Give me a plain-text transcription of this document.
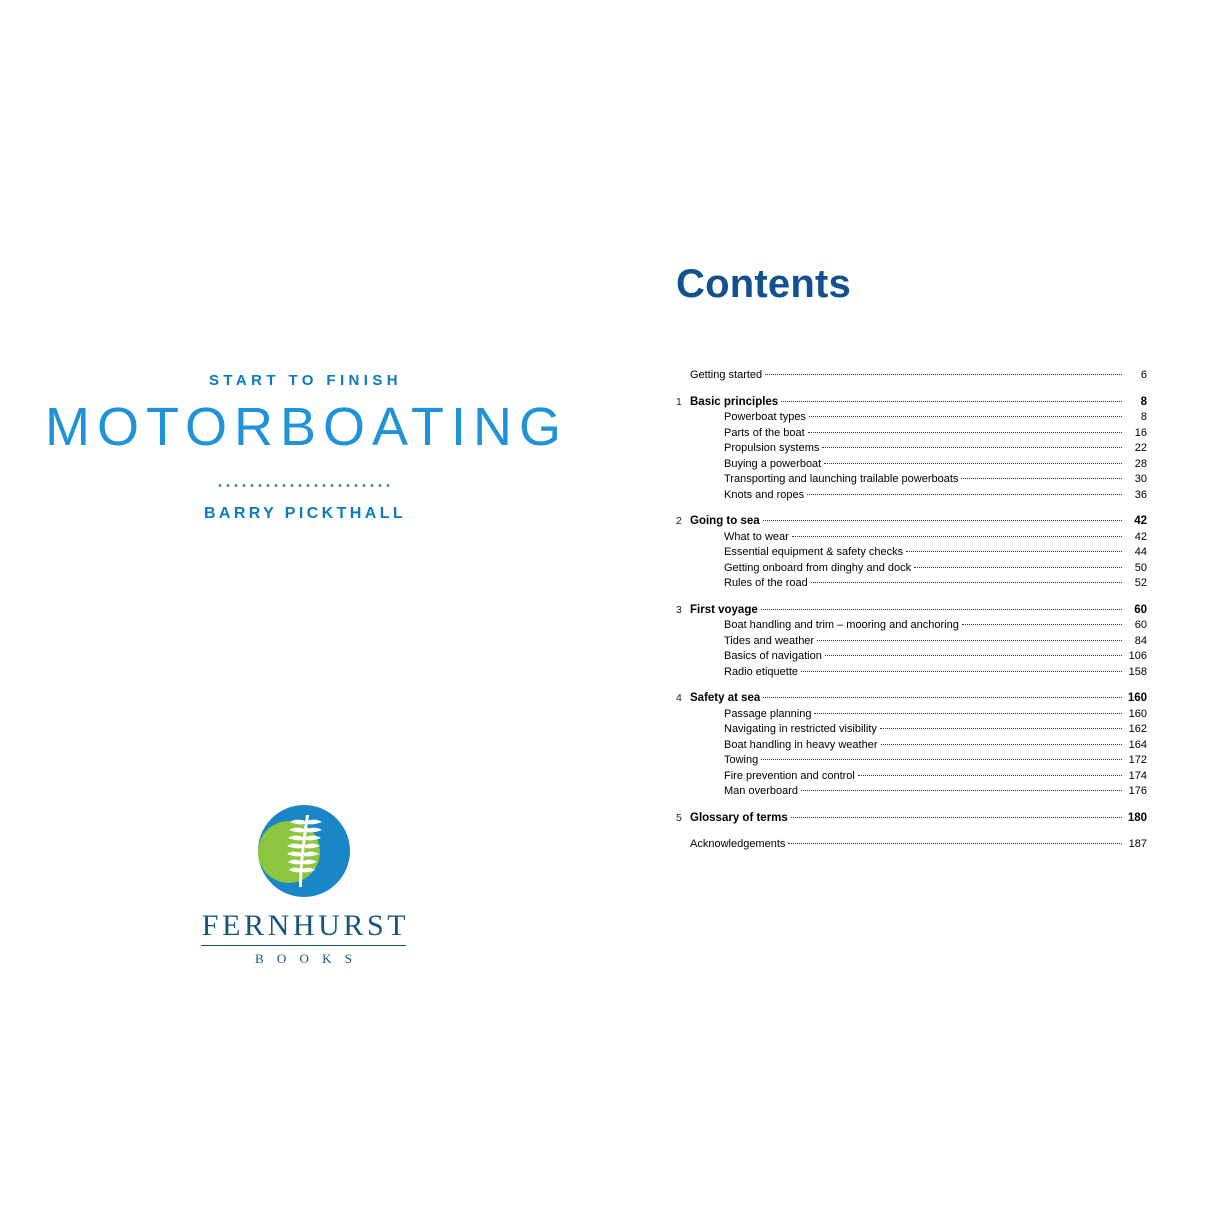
START TO FINISH

MOTORBOATING

BARRY PICKTHALL

FERNHURST

B O O K S

Contents
Getting started	6
1 Basic principles	8
Powerboat types	8
Parts of the boat	16
Propulsion systems	22
Buying a powerboat	28
Transporting and launching trailable powerboats	30
Knots and ropes	36
2 Going to sea	42
What to wear	42
Essential equipment & safety checks	44
Getting onboard from dinghy and dock	50
Rules of the road	52
3 First voyage	60
Boat handling and trim – mooring and anchoring	60
Tides and weather	84
Basics of navigation	106
Radio etiquette	158
4 Safety at sea	160
Passage planning	160
Navigating in restricted visibility	162
Boat handling in heavy weather	164
Towing	172
Fire prevention and control	174
Man overboard	176
5 Glossary of terms	180
Acknowledgements	187
